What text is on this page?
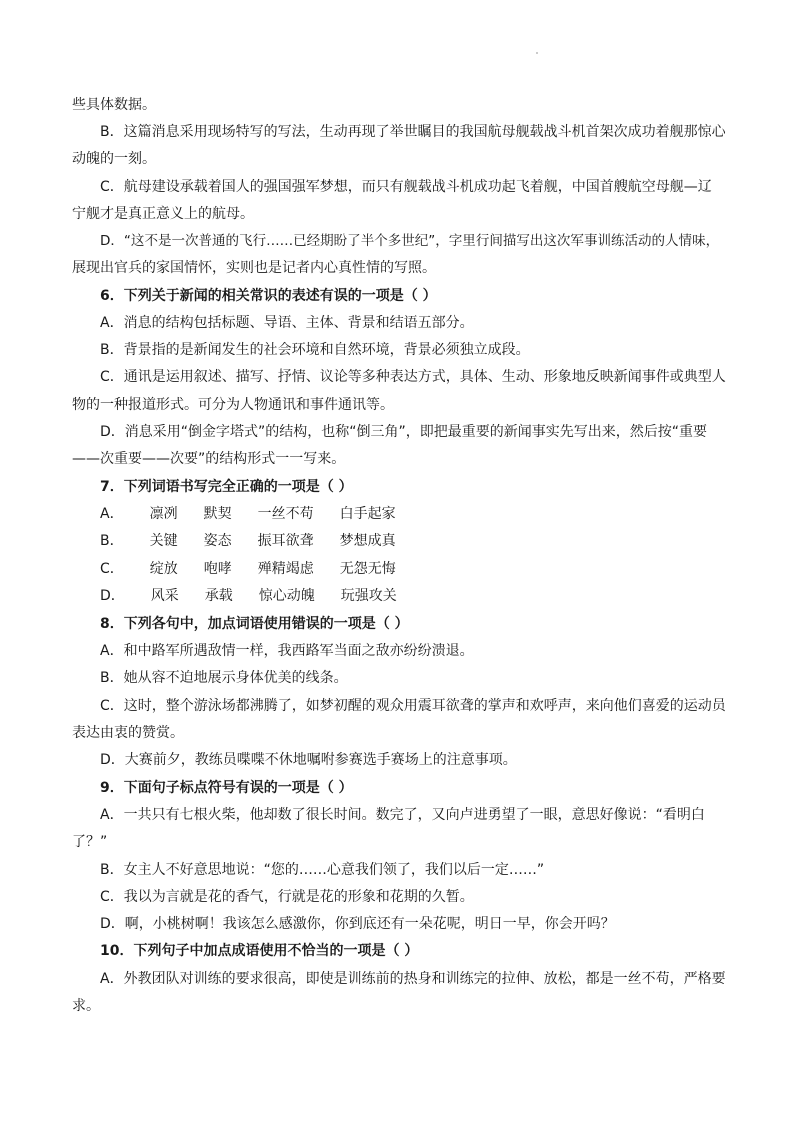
些具体数据。
B．这篇消息采用现场特写的写法，生动再现了举世瞩目的我国航母舰载战斗机首架次成功着舰那惊心
动魄的一刻。
C．航母建设承载着国人的强国强军梦想，而只有舰载战斗机成功起飞着舰，中国首艘航空母舰—辽
宁舰才是真正意义上的航母。
D．“这不是一次普通的飞行……已经期盼了半个多世纪”，字里行间描写出这次军事训练活动的人情味，
展现出官兵的家国情怀，实则也是记者内心真性情的写照。
6．下列关于新闻的相关常识的表述有误的一项是（ ）
A．消息的结构包括标题、导语、主体、背景和结语五部分。
B．背景指的是新闻发生的社会环境和自然环境，背景必须独立成段。
C．通讯是运用叙述、描写、抒情、议论等多种表达方式，具体、生动、形象地反映新闻事件或典型人
物的一种报道形式。可分为人物通讯和事件通讯等。
D．消息采用“倒金字塔式”的结构，也称“倒三角”，即把最重要的新闻事实先写出来，然后按“重要
——次重要——次要”的结构形式一一写来。
7．下列词语书写完全正确的一项是（ ）
A． 凛冽 默契 一丝不苟 白手起家
B． 关键 姿态 振耳欲聋 梦想成真
C． 绽放 咆哮 殚精竭虑 无怨无悔
D． 风采 承载 惊心动魄 玩强攻关
8．下列各句中，加点词语使用错误的一项是（ ）
A．和中路军所遇敌情一样，我西路军当面之敌亦纷纷溃退。
B．她从容不迫地展示身体优美的线条。
C．这时，整个游泳场都沸腾了，如梦初醒的观众用震耳欲聋的掌声和欢呼声，来向他们喜爱的运动员
表达由衷的赞赏。
D．大赛前夕，教练员喋喋不休地嘱咐参赛选手赛场上的注意事项。
9．下面句子标点符号有误的一项是（ ）
A．一共只有七根火柴，他却数了很长时间。数完了，又向卢进勇望了一眼，意思好像说：“看明白
了？”
B．女主人不好意思地说：“您的……心意我们领了，我们以后一定……”
C．我以为言就是花的香气，行就是花的形象和花期的久暂。
D．啊，小桃树啊！我该怎么感激你，你到底还有一朵花呢，明日一早，你会开吗？
10．下列句子中加点成语使用不恰当的一项是（ ）
A．外教团队对训练的要求很高，即使是训练前的热身和训练完的拉伸、放松，都是一丝不苟，严格要
求。
